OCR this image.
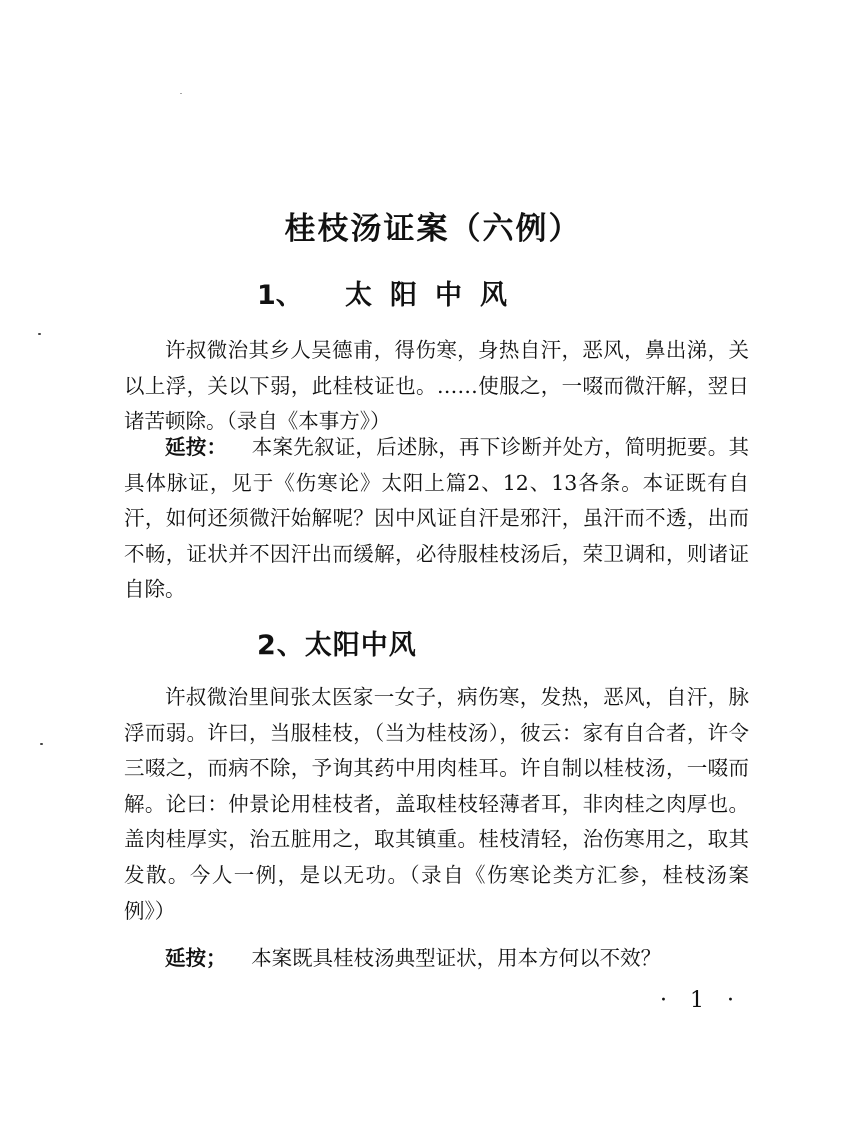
桂枝汤证案（六例）
1、 太阳中风

许叔微治其乡人吴德甫，得伤寒，身热自汗，恶风，鼻出涕，关以上浮，关以下弱，此桂枝证也。……使服之，一啜而微汗解，翌日诸苦顿除。（录自《本事方》）

延按： 本案先叙证，后述脉，再下诊断并处方，简明扼要。其具体脉证，见于《伤寒论》太阳上篇2、12、13各条。本证既有自汗，如何还须微汗始解呢？因中风证自汗是邪汗，虽汗而不透，出而不畅，证状并不因汗出而缓解，必待服桂枝汤后，荣卫调和，则诸证自除。

2、太阳中风

许叔微治里间张太医家一女子，病伤寒，发热，恶风，自汗，脉浮而弱。许曰，当服桂枝，（当为桂枝汤），彼云：家有自合者，许令三啜之，而病不除，予询其药中用肉桂耳。许自制以桂枝汤，一啜而解。论曰：仲景论用桂枝者，盖取桂枝轻薄者耳，非肉桂之肉厚也。盖肉桂厚实，治五脏用之，取其镇重。桂枝清轻，治伤寒用之，取其发散。今人一例，是以无功。（录自《伤寒论类方汇参，桂枝汤案例》）

延按； 本案既具桂枝汤典型证状，用本方何以不效？

· 1 ·
